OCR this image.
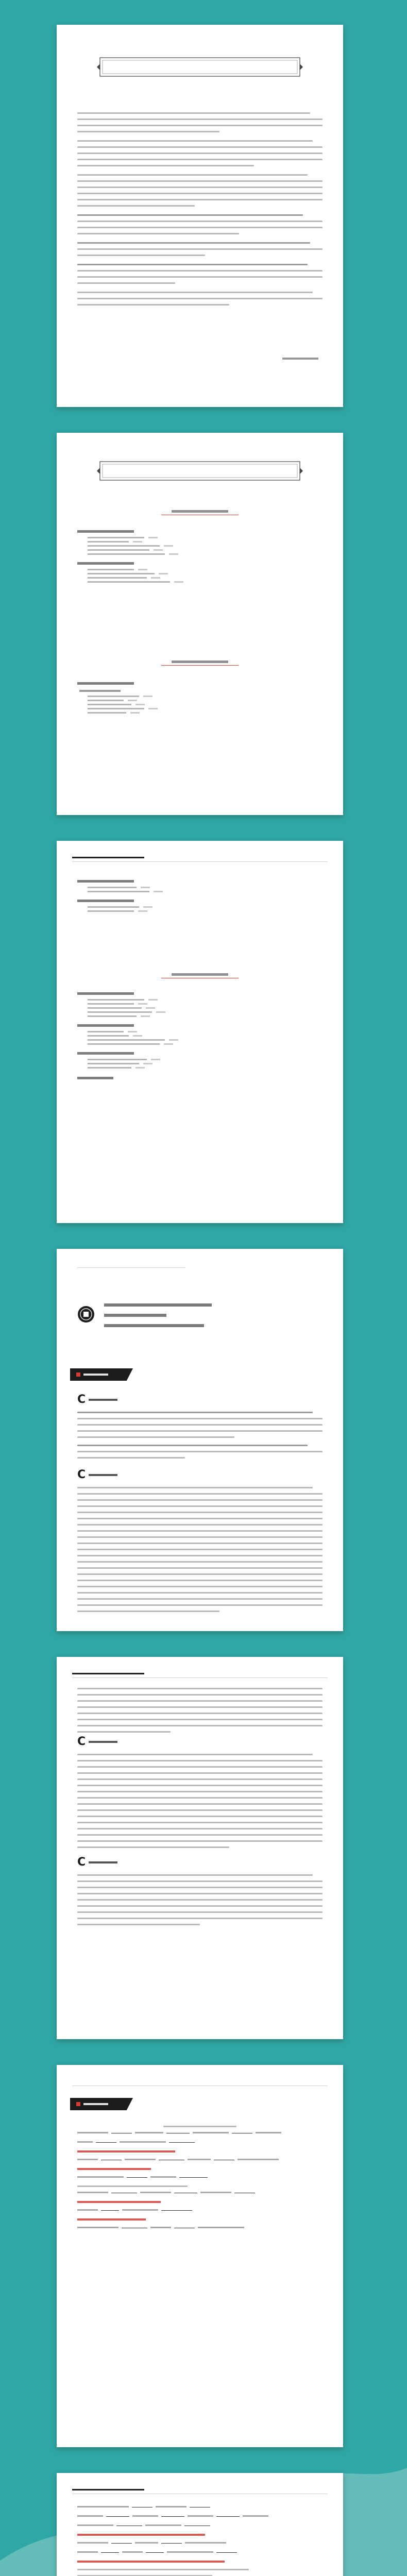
C
C
C
C
